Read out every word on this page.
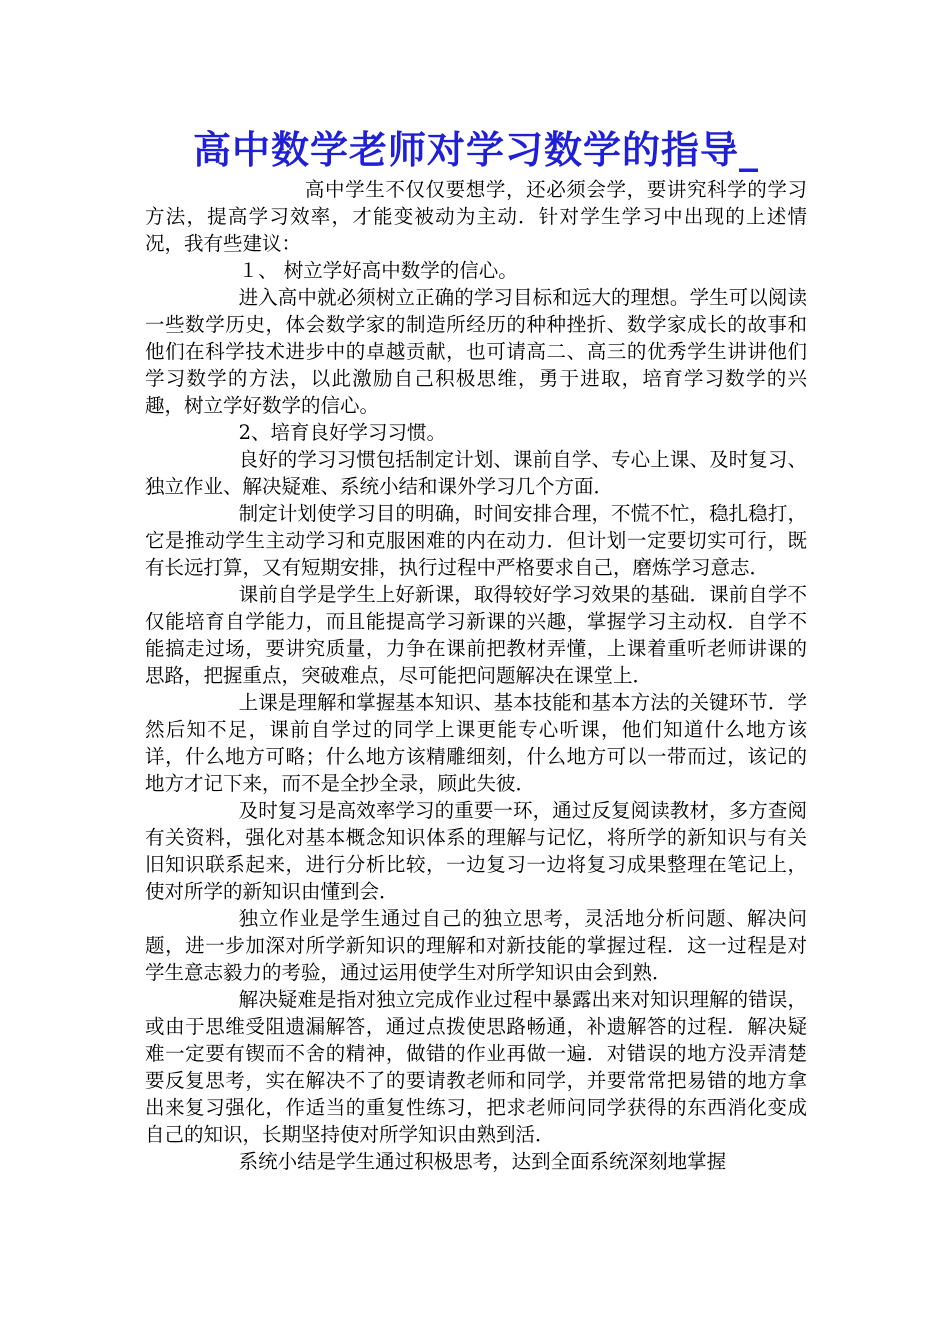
高中数学老师对学习数学的指导_

高中学生不仅仅要想学，还必须会学，要讲究科学的学习方法，提高学习效率，才能变被动为主动．针对学生学习中出现的上述情况，我有些建议：

１、 树立学好高中数学的信心。

进入高中就必须树立正确的学习目标和远大的理想。学生可以阅读一些数学历史，体会数学家的制造所经历的种种挫折、数学家成长的故事和他们在科学技术进步中的卓越贡献，也可请高二、高三的优秀学生讲讲他们学习数学的方法，以此激励自己积极思维，勇于进取，培育学习数学的兴趣，树立学好数学的信心。

2、培育良好学习习惯。

良好的学习习惯包括制定计划、课前自学、专心上课、及时复习、独立作业、解决疑难、系统小结和课外学习几个方面．

制定计划使学习目的明确，时间安排合理，不慌不忙，稳扎稳打，它是推动学生主动学习和克服困难的内在动力．但计划一定要切实可行，既有长远打算，又有短期安排，执行过程中严格要求自己，磨炼学习意志．

课前自学是学生上好新课，取得较好学习效果的基础．课前自学不仅能培育自学能力，而且能提高学习新课的兴趣，掌握学习主动权．自学不能搞走过场，要讲究质量，力争在课前把教材弄懂，上课着重听老师讲课的思路，把握重点，突破难点，尽可能把问题解决在课堂上．

上课是理解和掌握基本知识、基本技能和基本方法的关键环节．学然后知不足，课前自学过的同学上课更能专心听课，他们知道什么地方该详，什么地方可略；什么地方该精雕细刻，什么地方可以一带而过，该记的地方才记下来，而不是全抄全录，顾此失彼．

及时复习是高效率学习的重要一环，通过反复阅读教材，多方查阅有关资料，强化对基本概念知识体系的理解与记忆，将所学的新知识与有关旧知识联系起来，进行分析比较，一边复习一边将复习成果整理在笔记上，使对所学的新知识由懂到会．

独立作业是学生通过自己的独立思考，灵活地分析问题、解决问题，进一步加深对所学新知识的理解和对新技能的掌握过程．这一过程是对学生意志毅力的考验，通过运用使学生对所学知识由会到熟．

解决疑难是指对独立完成作业过程中暴露出来对知识理解的错误，或由于思维受阻遗漏解答，通过点拨使思路畅通，补遗解答的过程．解决疑难一定要有锲而不舍的精神，做错的作业再做一遍．对错误的地方没弄清楚要反复思考，实在解决不了的要请教老师和同学，并要常常把易错的地方拿出来复习强化，作适当的重复性练习，把求老师问同学获得的东西消化变成自己的知识，长期坚持使对所学知识由熟到活．

系统小结是学生通过积极思考，达到全面系统深刻地掌握
